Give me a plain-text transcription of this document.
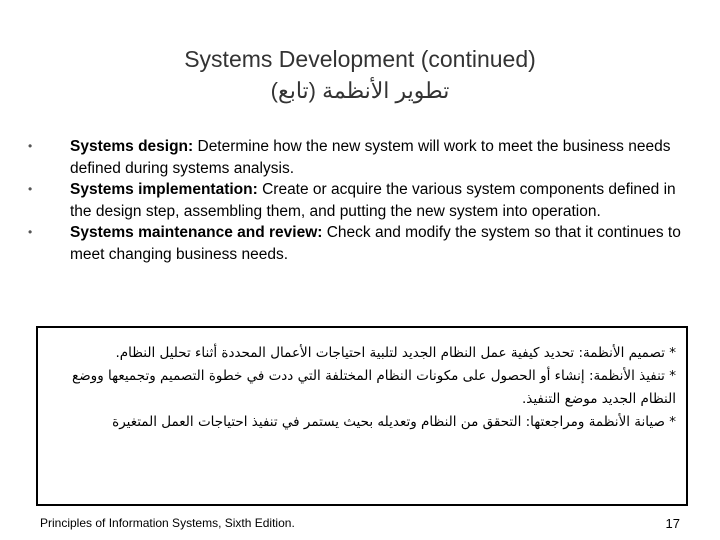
Systems Development (continued)
تطوير الأنظمة (تابع)
• Systems design: Determine how the new system will work to meet the business needs defined during systems analysis.
• Systems implementation: Create or acquire the various system components defined in the design step, assembling them, and putting the new system into operation.
• Systems maintenance and review: Check and modify the system so that it continues to meet changing business needs.

* تصميم الأنظمة: تحديد كيفية عمل النظام الجديد لتلبية احتياجات الأعمال المحددة أثناء تحليل النظام.

* تنفيذ الأنظمة: إنشاء أو الحصول على مكونات النظام المختلفة التي ددت في خطوة التصميم وتجميعها ووضع النظام الجديد موضع التنفيذ.

* صيانة الأنظمة ومراجعتها: التحقق من النظام وتعديله بحيث يستمر في تنفيذ احتياجات العمل المتغيرة

Principles of Information Systems, Sixth Edition.	17
